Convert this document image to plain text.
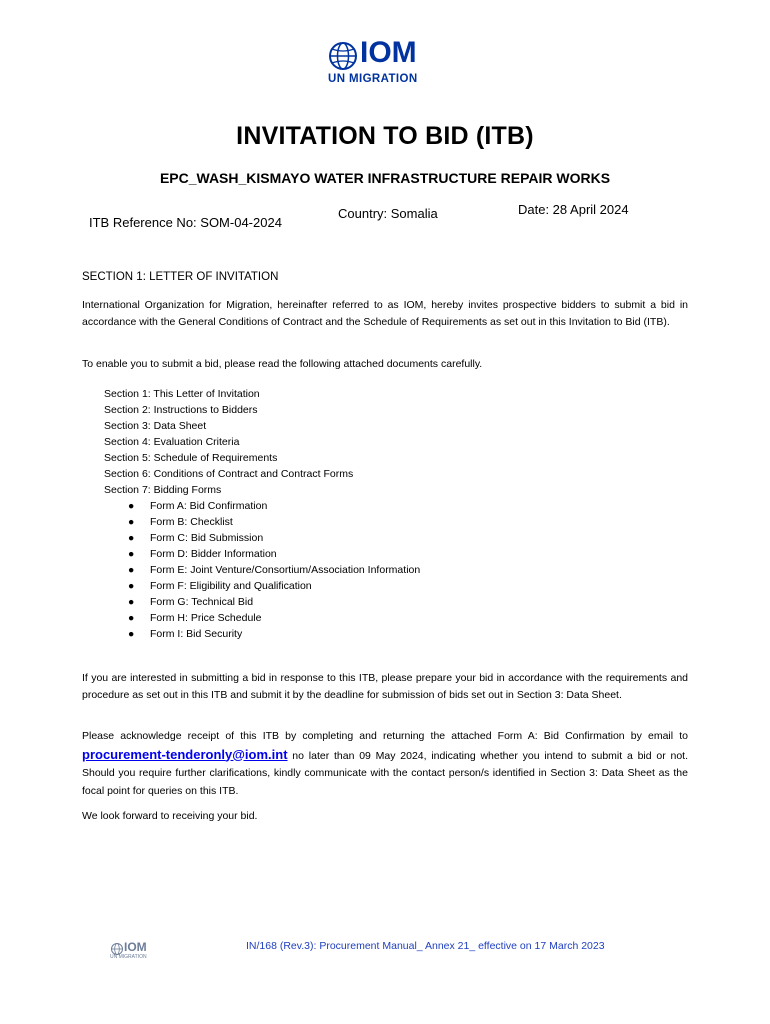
IOM
UN MIGRATION
INVITATION TO BID (ITB)
EPC_WASH_KISMAYO WATER INFRASTRUCTURE REPAIR WORKS
ITB Reference No: SOM-04-2024
Country: Somalia	Date: 28 April 2024
SECTION 1: LETTER OF INVITATION
International Organization for Migration, hereinafter referred to as IOM, hereby invites prospective bidders to submit a bid in accordance with the General Conditions of Contract and the Schedule of Requirements as set out in this Invitation to Bid (ITB).
To enable you to submit a bid, please read the following attached documents carefully.
Section 1: This Letter of Invitation
Section 2: Instructions to Bidders
Section 3: Data Sheet
Section 4: Evaluation Criteria
Section 5: Schedule of Requirements
Section 6: Conditions of Contract and Contract Forms
Section 7: Bidding Forms
● Form A: Bid Confirmation
● Form B: Checklist
● Form C: Bid Submission
● Form D: Bidder Information
● Form E: Joint Venture/Consortium/Association Information
● Form F: Eligibility and Qualification
● Form G: Technical Bid
● Form H: Price Schedule
● Form I: Bid Security
If you are interested in submitting a bid in response to this ITB, please prepare your bid in accordance with the requirements and procedure as set out in this ITB and submit it by the deadline for submission of bids set out in Section 3: Data Sheet.
Please acknowledge receipt of this ITB by completing and returning the attached Form A: Bid Confirmation by email to procurement-tenderonly@iom.int no later than 09 May 2024, indicating whether you intend to submit a bid or not. Should you require further clarifications, kindly communicate with the contact person/s identified in Section 3: Data Sheet as the focal point for queries on this ITB.
We look forward to receiving your bid.
IOM
UN MIGRATION
IN/168 (Rev.3): Procurement Manual_ Annex 21_ effective on 17 March 2023
